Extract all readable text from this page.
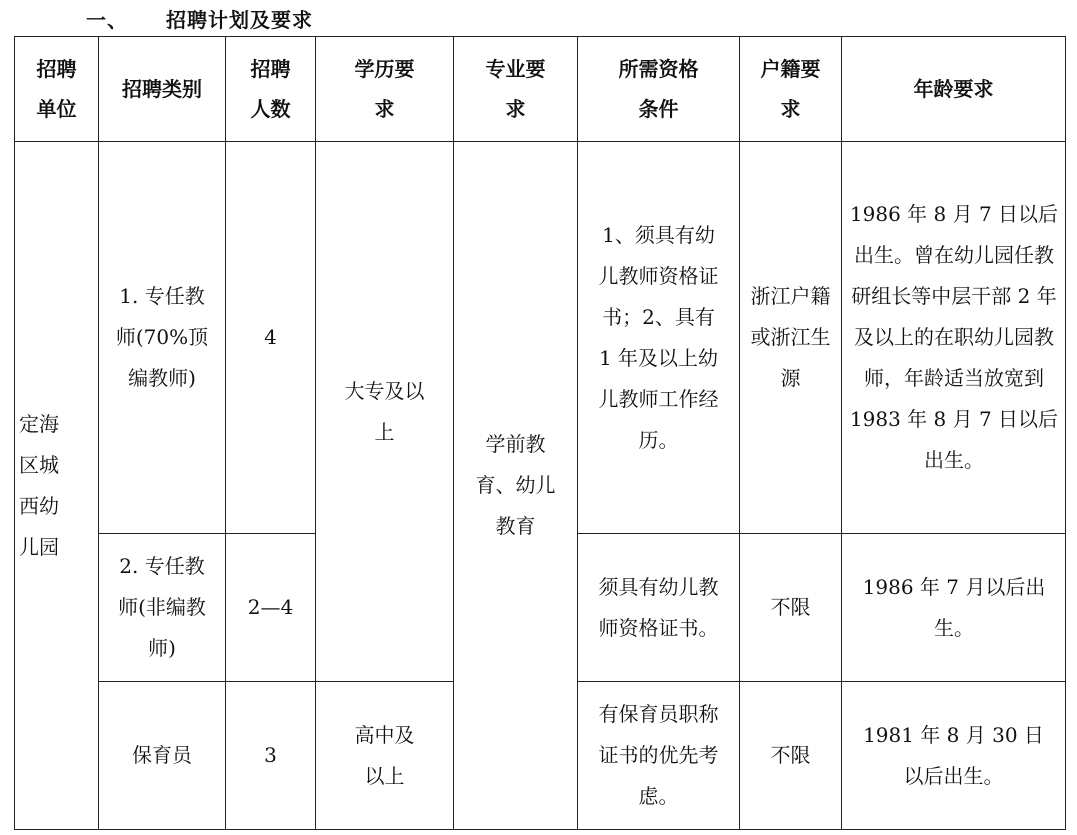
一、 招聘计划及要求
招聘单位	招聘类别	招聘人数	学历要求	专业要求	所需资格条件	户籍要求	年龄要求

定海区城西幼儿园	1. 专任教师(70%顶编教师)	4	大专及以上	学前教育、幼儿教育	1、须具有幼儿教师资格证书；2、具有 1 年及以上幼儿教师工作经历。	浙江户籍或浙江生源	1986 年 8 月 7 日以后出生。曾在幼儿园任教研组长等中层干部 2 年及以上的在职幼儿园教师，年龄适当放宽到 1983 年 8 月 7 日以后出生。
	2. 专任教师(非编教师)	2—4			须具有幼儿教师资格证书。	不限	1986 年 7 月以后出生。
	保育员	3	高中及以上		有保育员职称证书的优先考虑。	不限	1981 年 8 月 30 日以后出生。
